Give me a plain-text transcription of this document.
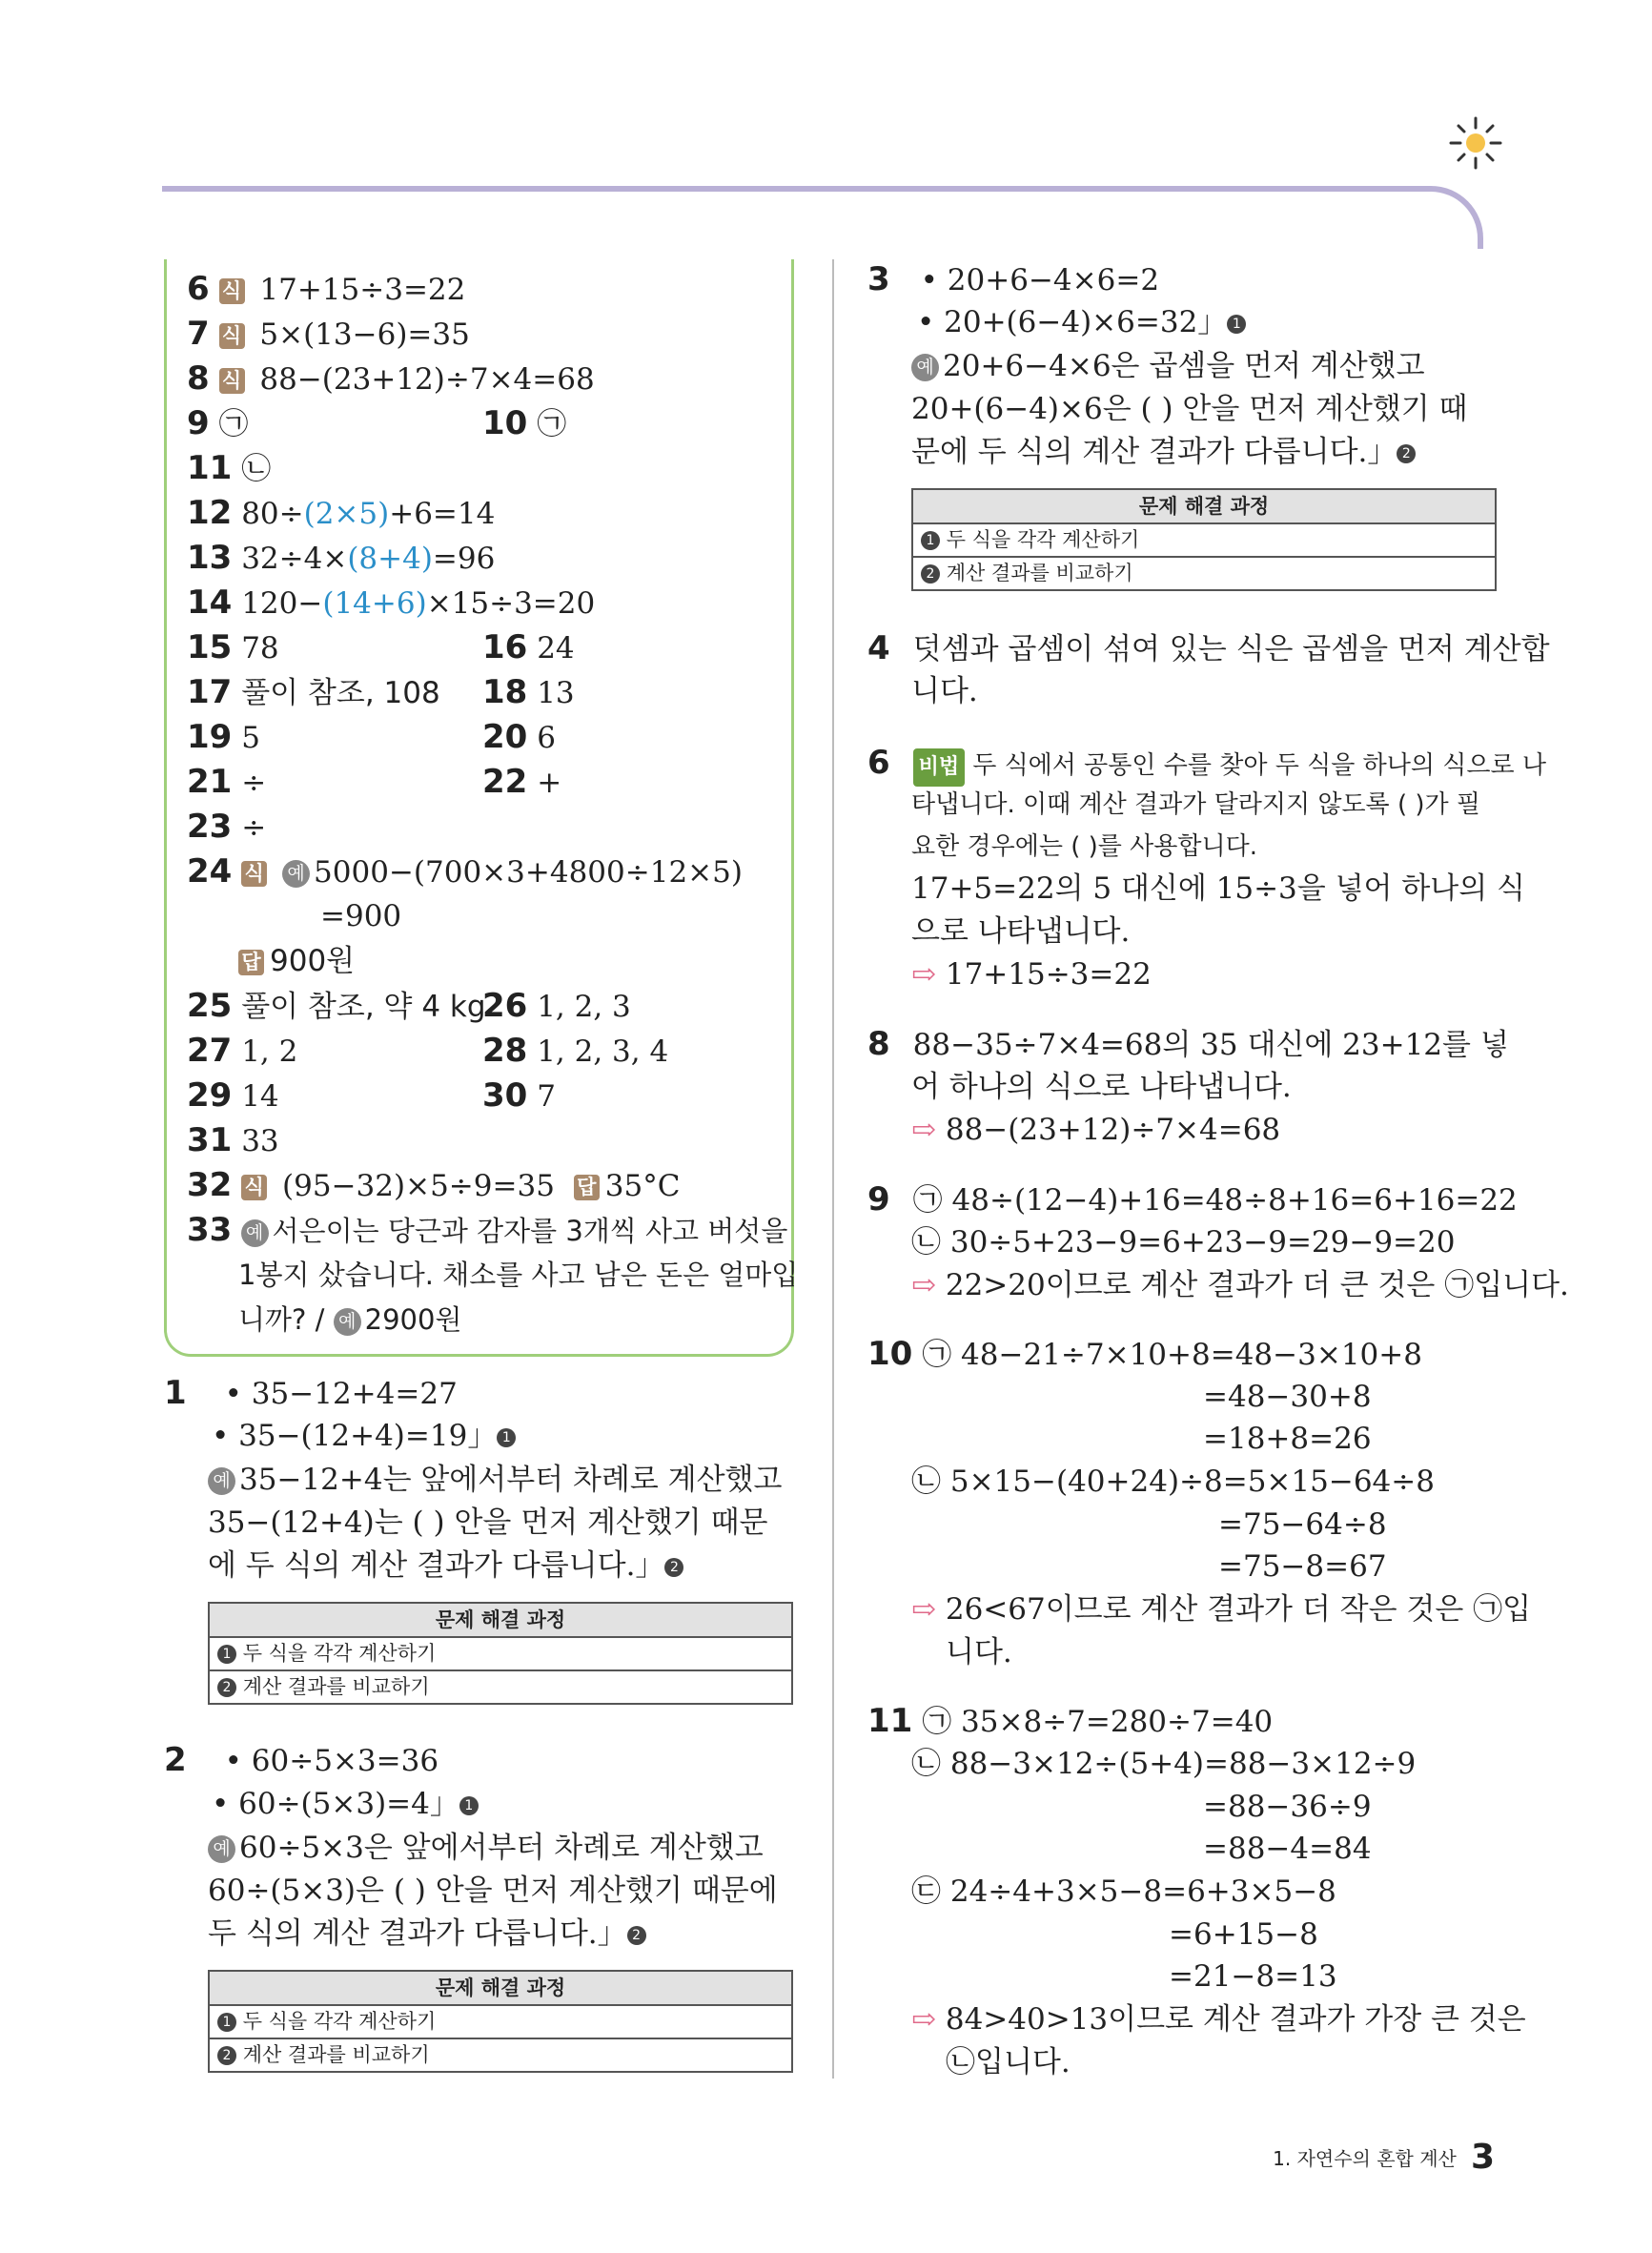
6 식 17+15÷3=22
7 식 5×(13−6)=35
8 식 88−(23+12)÷7×4=68
9 ㉠	10 ㉠
11 ㉡
12 80÷(2×5)+6=14
13 32÷4×(8+4)=96
14 120−(14+6)×15÷3=20
15 78	16 24
17 풀이 참조, 108 18 13
19 5	20 6
21 ÷	22 +
23 ÷
24 식 예 5000−(700×3+4800÷12×5)
=900
답 900원
25 풀이 참조, 약 4 kg
26 1, 2, 3
27 1, 2	28 1, 2, 3, 4
29 14	30 7
31 33
32 식 (95−32)×5÷9=35 답 35°C
33 예 서은이는 당근과 감자를 3개씩 사고 버섯을
1봉지 샀습니다. 채소를 사고 남은 돈은 얼마입
니까? / 예 2900원
1 • 35−12+4=27
• 35−(12+4)=19」 1
예 35−12+4는 앞에서부터 차례로 계산했고
35−(12+4)는 ( ) 안을 먼저 계산했기 때문
에 두 식의 계산 결과가 다릅니다.」 2
문제 해결 과정
1 두 식을 각각 계산하기
2 계산 결과를 비교하기
2 • 60÷5×3=36
• 60÷(5×3)=4」 1
예 60÷5×3은 앞에서부터 차례로 계산했고
60÷(5×3)은 ( ) 안을 먼저 계산했기 때문에
두 식의 계산 결과가 다릅니다.」 2
문제 해결 과정
1 두 식을 각각 계산하기
2 계산 결과를 비교하기
3 • 20+6−4×6=2
• 20+(6−4)×6=32」 1
예 20+6−4×6은 곱셈을 먼저 계산했고
20+(6−4)×6은 ( ) 안을 먼저 계산했기 때
문에 두 식의 계산 결과가 다릅니다.」 2
문제 해결 과정
1 두 식을 각각 계산하기
2 계산 결과를 비교하기
4 덧셈과 곱셈이 섞여 있는 식은 곱셈을 먼저 계산합
니다.
6 비법 두 식에서 공통인 수를 찾아 두 식을 하나의 식으로 나
타냅니다. 이때 계산 결과가 달라지지 않도록 ( )가 필
요한 경우에는 ( )를 사용합니다.
17+5=22의 5 대신에 15÷3을 넣어 하나의 식
으로 나타냅니다.
⇨ 17+15÷3=22
8 88−35÷7×4=68의 35 대신에 23+12를 넣
어 하나의 식으로 나타냅니다.
⇨ 88−(23+12)÷7×4=68
9 ㉠ 48÷(12−4)+16=48÷8+16=6+16=22
㉡ 30÷5+23−9=6+23−9=29−9=20
⇨ 22>20이므로 계산 결과가 더 큰 것은 ㉠입니다.
10 ㉠ 48−21÷7×10+8=48−3×10+8
=48−30+8
=18+8=26
㉡ 5×15−(40+24)÷8=5×15−64÷8
=75−64÷8
=75−8=67
⇨ 26<67이므로 계산 결과가 더 작은 것은 ㉠입
니다.
11 ㉠ 35×8÷7=280÷7=40
㉡ 88−3×12÷(5+4)=88−3×12÷9
=88−36÷9
=88−4=84
㉢ 24÷4+3×5−8=6+3×5−8
=6+15−8
=21−8=13
⇨ 84>40>13이므로 계산 결과가 가장 큰 것은
㉡입니다.
1. 자연수의 혼합 계산 3
